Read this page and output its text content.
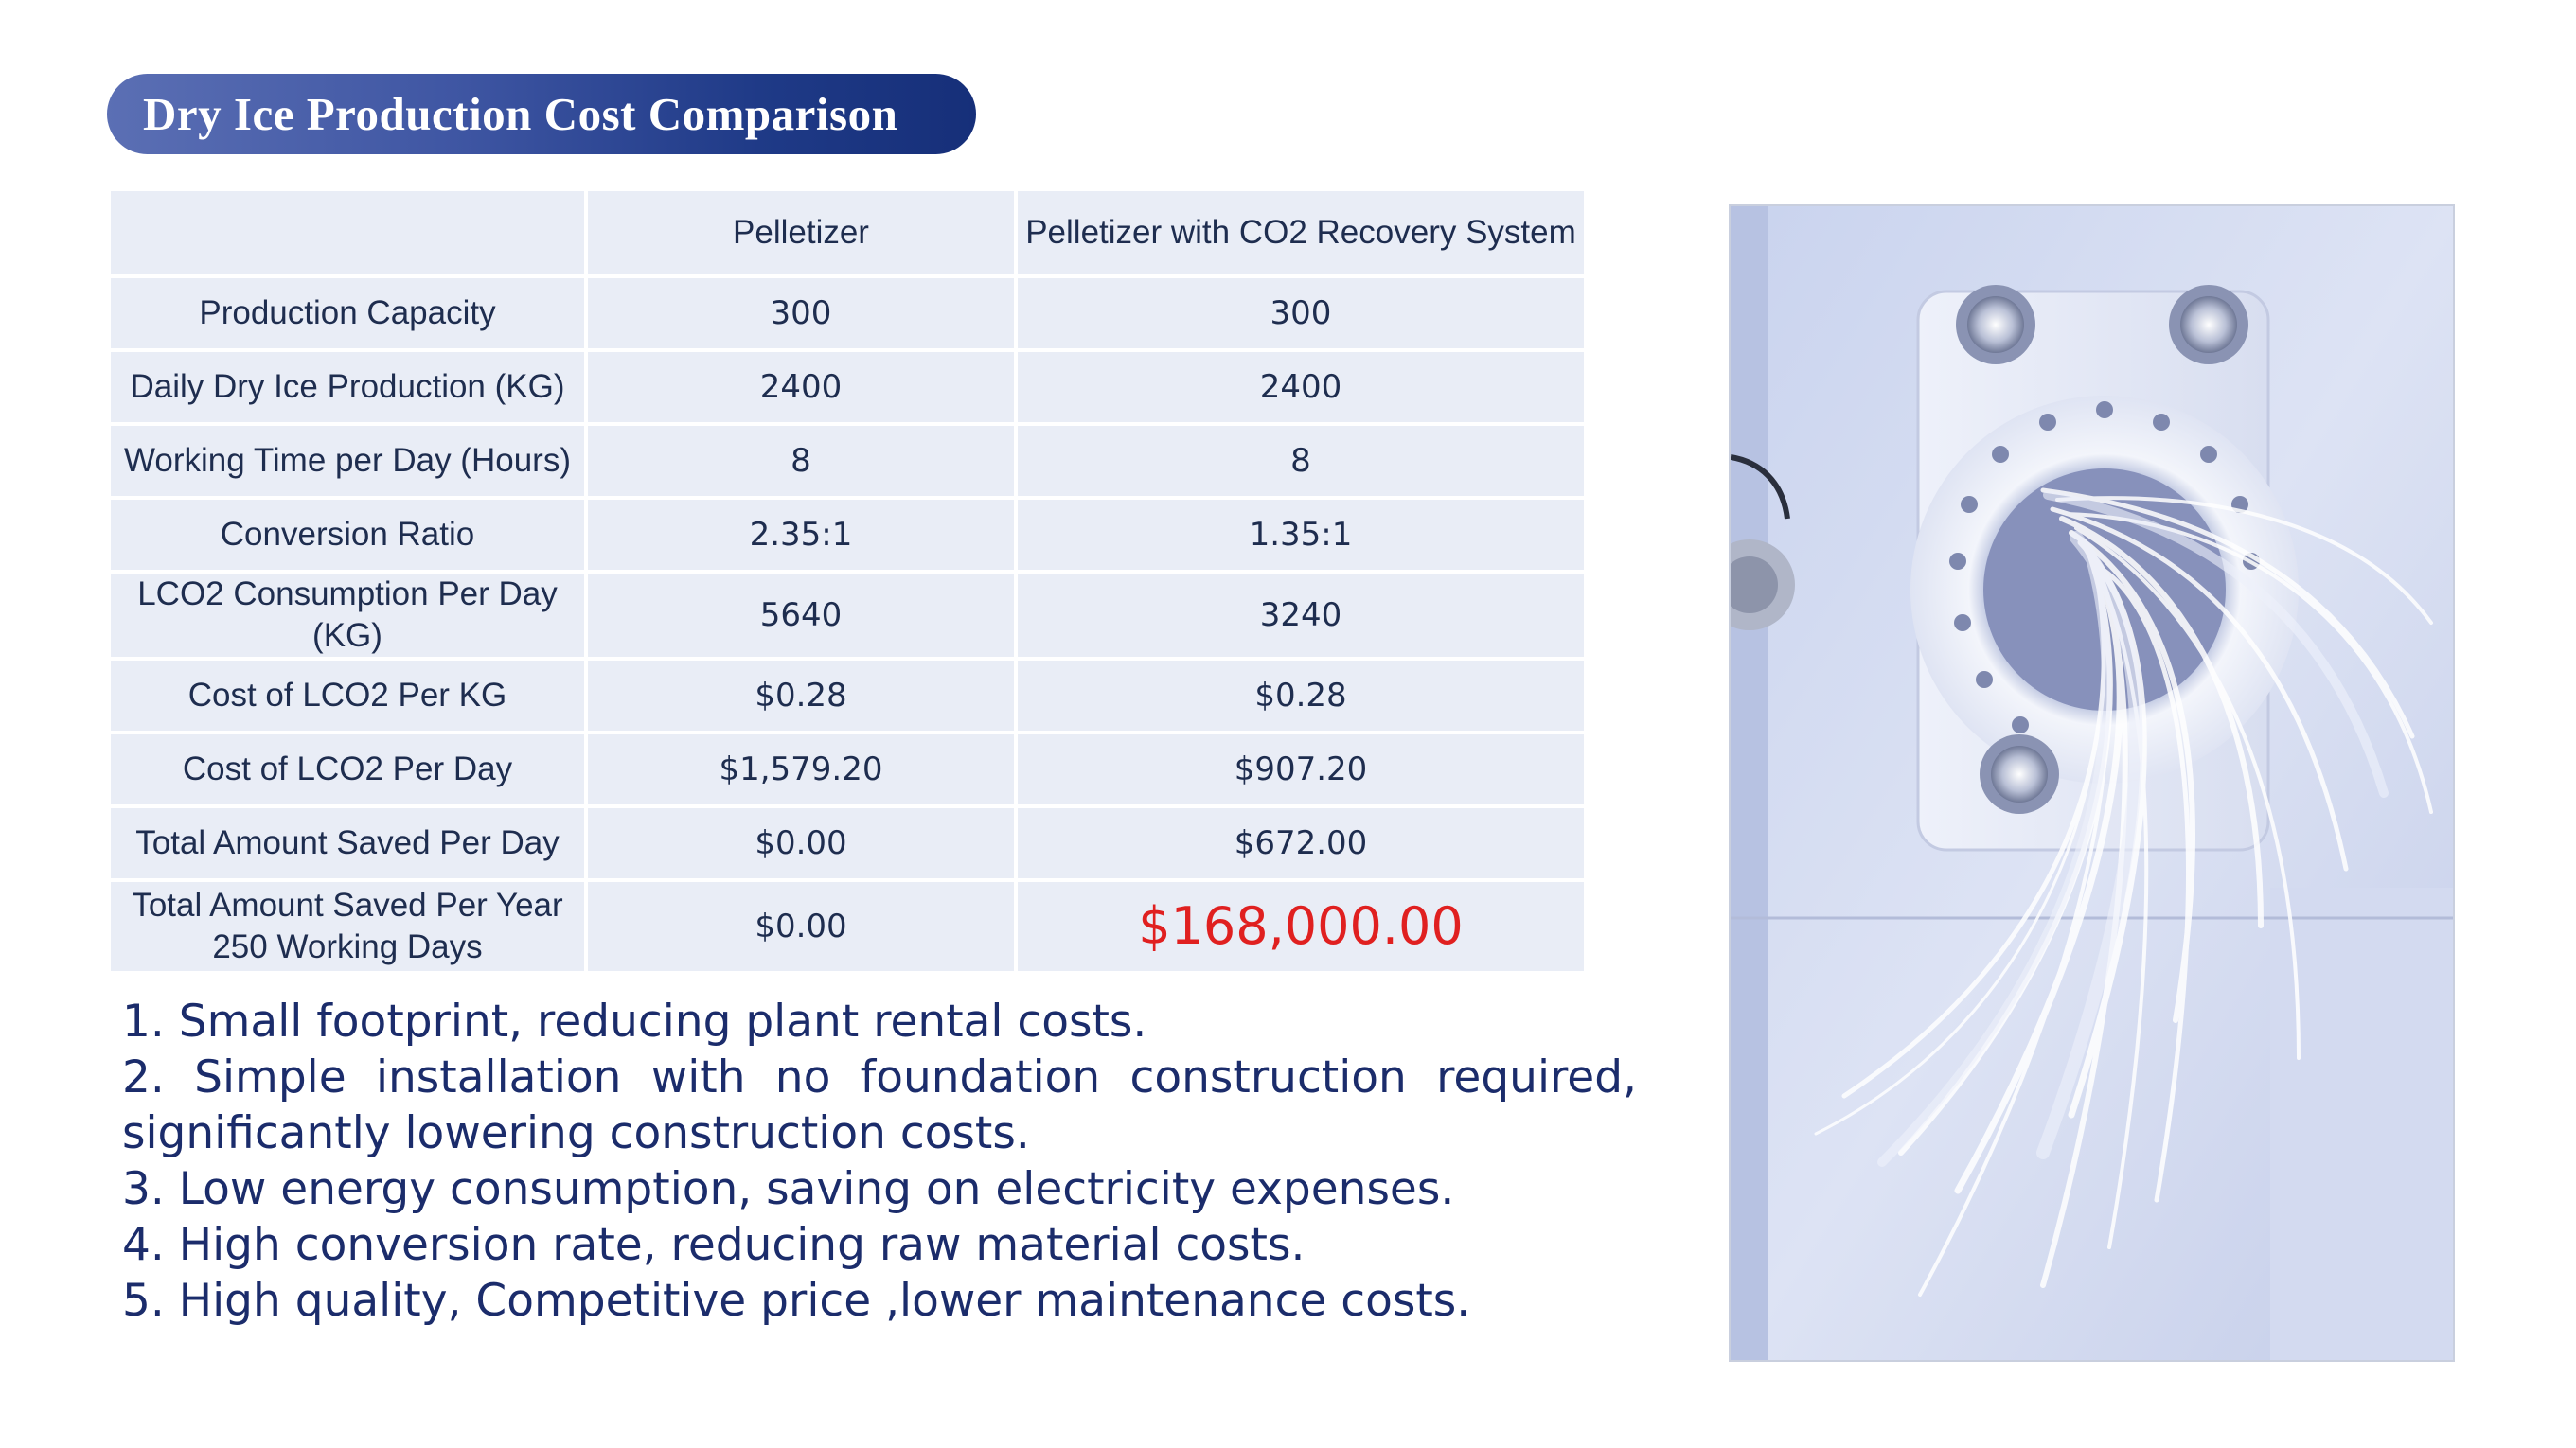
Dry Ice Production Cost Comparison
	Pelletizer	Pelletizer with CO2 Recovery System
Production Capacity	300	300
Daily Dry Ice Production (KG)	2400	2400
Working Time per Day (Hours)	8	8
Conversion Ratio	2.35:1	1.35:1
LCO2 Consumption Per Day (KG)	5640	3240
Cost of LCO2 Per KG	$0.28	$0.28
Cost of LCO2 Per Day	$1,579.20	$907.20
Total Amount Saved Per Day	$0.00	$672.00
Total Amount Saved Per Year 250 Working Days	$0.00	$168,000.00

1. Small footprint, reducing plant rental costs.

2. Simple installation with no foundation construction required,

significantly lowering construction costs.

3. Low energy consumption, saving on electricity expenses.

4. High conversion rate, reducing raw material costs.

5. High quality, Competitive price ,lower maintenance costs.
